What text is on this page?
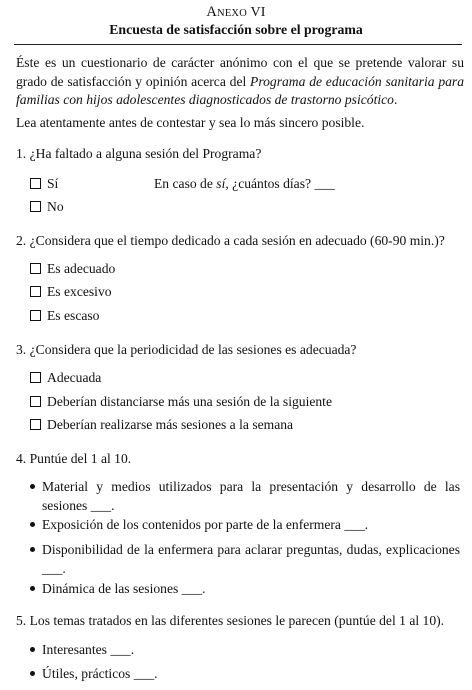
ANEXO VI
Encuesta de satisfacción sobre el programa
Éste es un cuestionario de carácter anónimo con el que se pretende valorar su grado de satisfacción y opinión acerca del Programa de educación sanitaria para familias con hijos adolescentes diagnosticados de trastorno psicótico.
Lea atentamente antes de contestar y sea lo más sincero posible.
1. ¿Ha faltado a alguna sesión del Programa?
Sí	En caso de sí, ¿cuántos días? ___
No
2. ¿Considera que el tiempo dedicado a cada sesión en adecuado (60-90 min.)?
Es adecuado
Es excesivo
Es escaso
3. ¿Considera que la periodicidad de las sesiones es adecuada?
Adecuada
Deberían distanciarse más una sesión de la siguiente
Deberían realizarse más sesiones a la semana
4. Puntúe del 1 al 10.
Material y medios utilizados para la presentación y desarrollo de las sesiones ___.
Exposición de los contenidos por parte de la enfermera ___.
Disponibilidad de la enfermera para aclarar preguntas, dudas, explicaciones ___.
Dinámica de las sesiones ___.
5. Los temas tratados en las diferentes sesiones le parecen (puntúe del 1 al 10).
Interesantes ___.
Útiles, prácticos ___.
